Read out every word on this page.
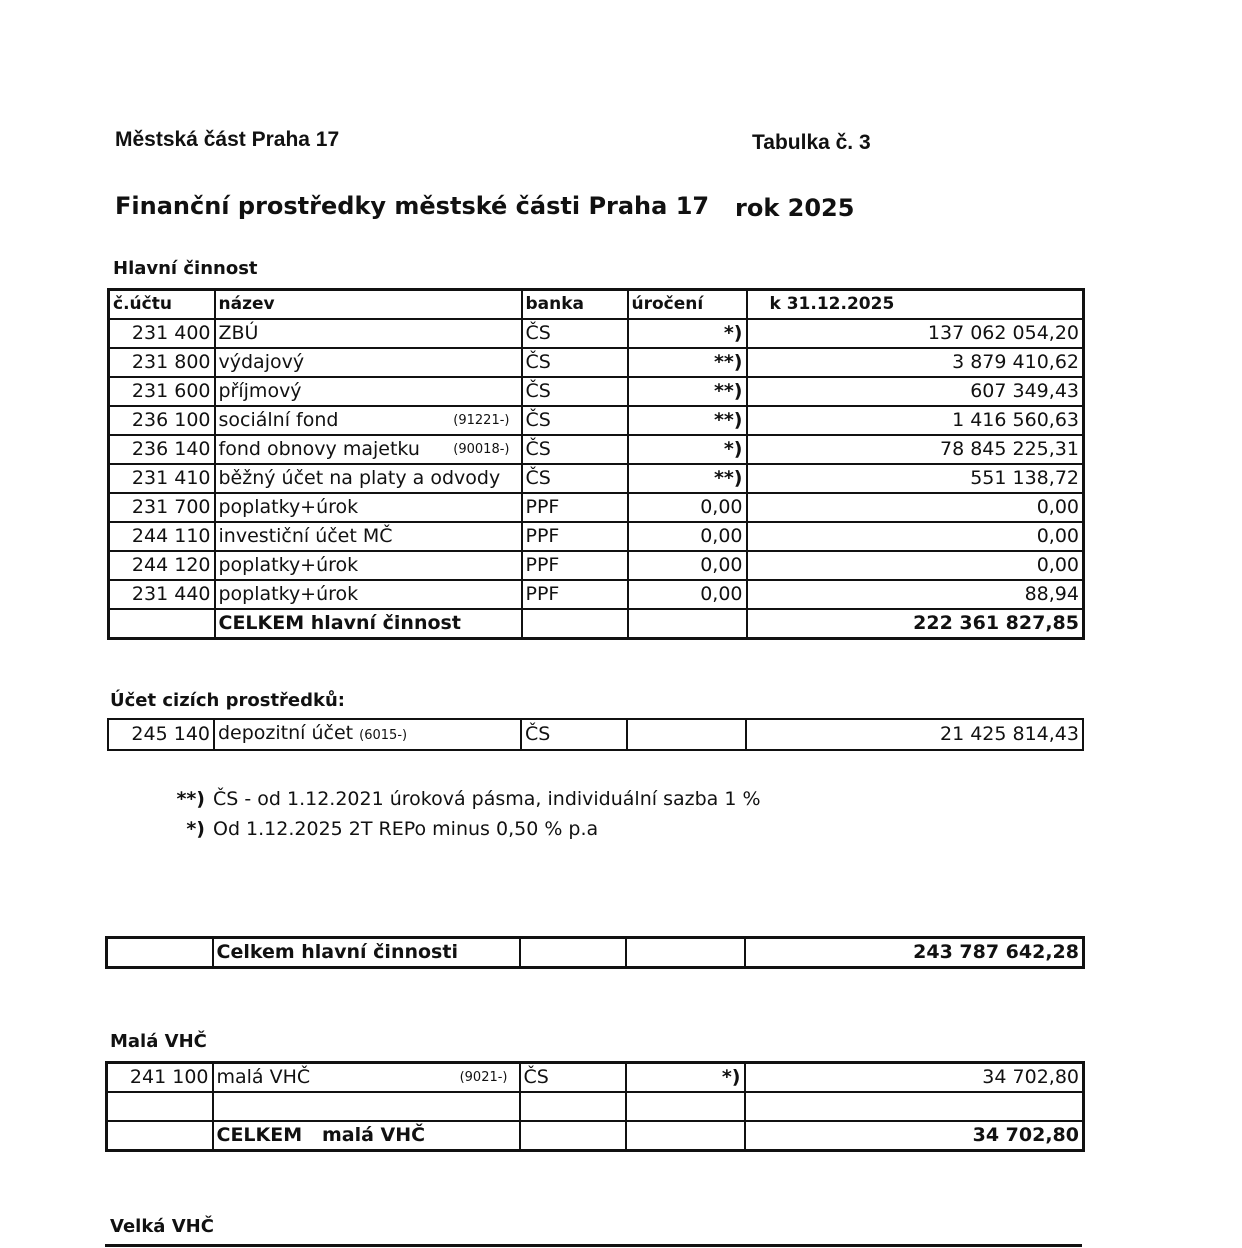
Městská část Praha 17	Tabulka č. 3
Finanční prostředky městské části Praha 17 rok 2025
Hlavní činnost
č.účtu	název	banka	úročení	k 31.12.2025
231 400	ZBÚ	ČS	*)	137 062 054,20
231 800	výdajový	ČS	**)	3 879 410,62
231 600	příjmový	ČS	**)	607 349,43
236 100	sociální fond (91221-)	ČS	**)	1 416 560,63
236 140	fond obnovy majetku (90018-)	ČS	*)	78 845 225,31
231 410	běžný účet na platy a odvody	ČS	**)	551 138,72
231 700	poplatky+úrok	PPF	0,00	0,00
244 110	investiční účet MČ	PPF	0,00	0,00
244 120	poplatky+úrok	PPF	0,00	0,00
231 440	poplatky+úrok	PPF	0,00	88,94
	CELKEM hlavní činnost			222 361 827,85
Účet cizích prostředků:
245 140	depozitní účet (6015-)	ČS		21 425 814,43
**) ČS - od 1.12.2021 úroková pásma, individuální sazba 1 %
*) Od 1.12.2025 2T REPo minus 0,50 % p.a
	Celkem hlavní činnosti			243 787 642,28
Malá VHČ
241 100	malá VHČ (9021-)	ČS	*)	34 702,80

	CELKEM   malá VHČ			34 702,80
Velká VHČ
